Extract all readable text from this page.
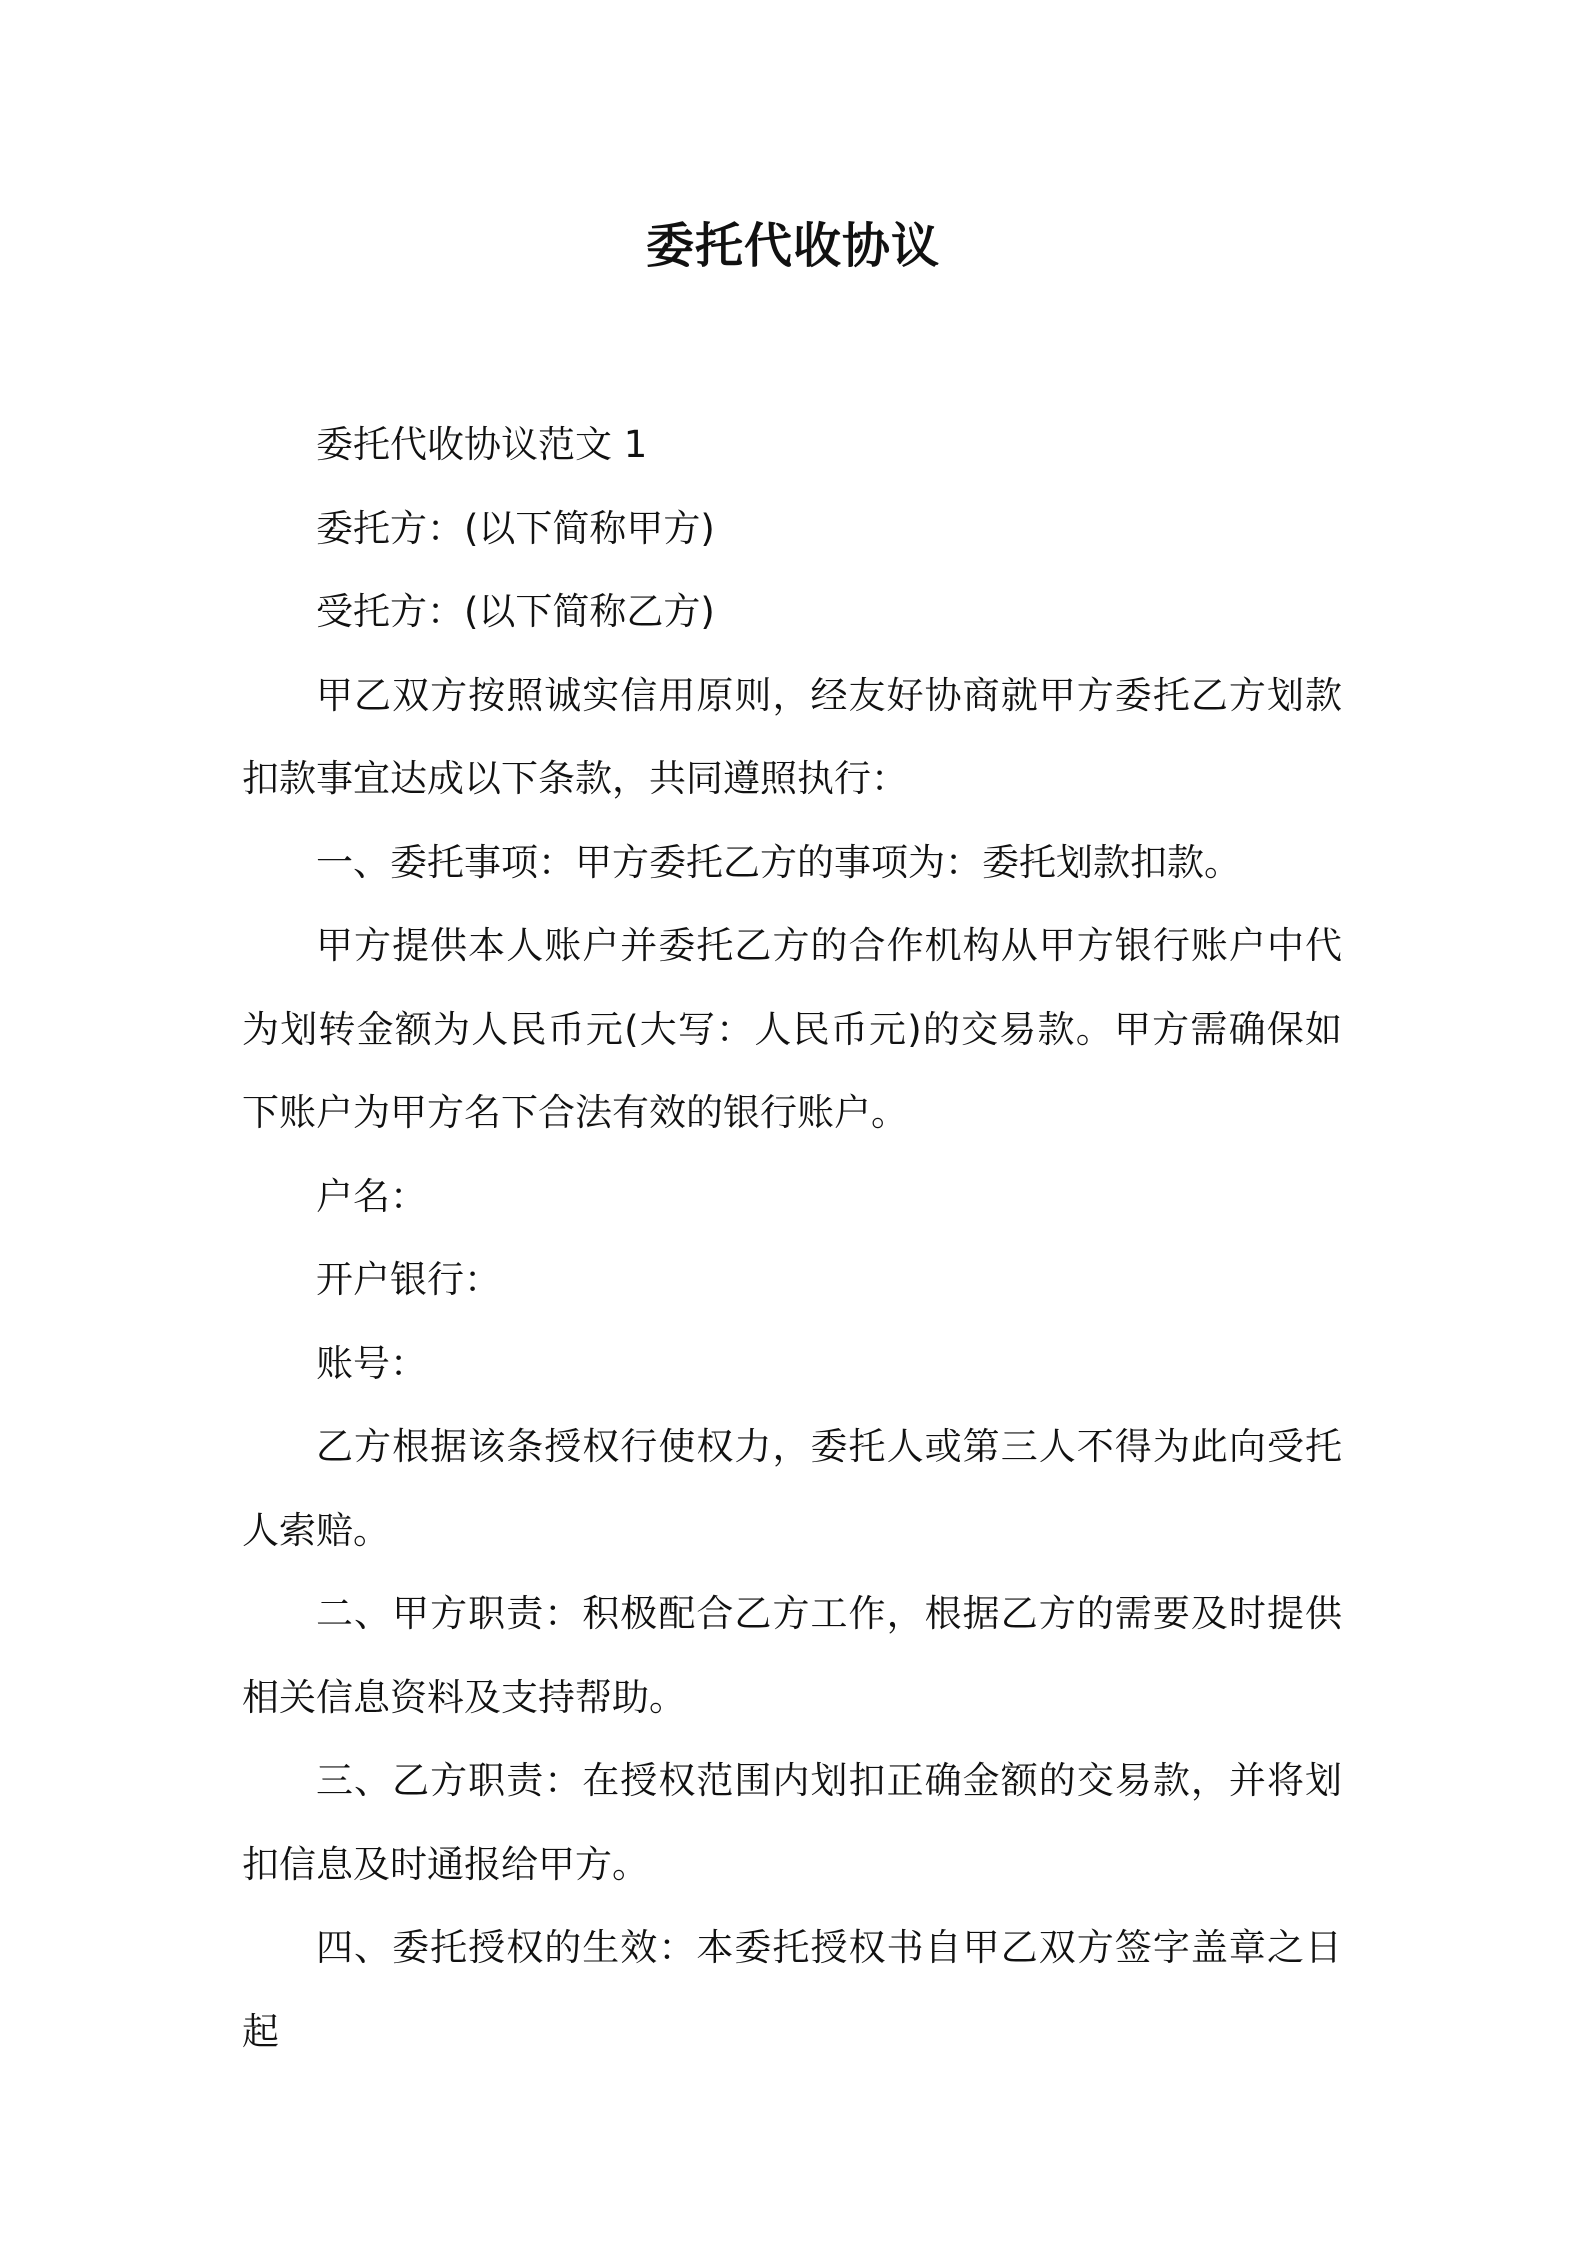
委托代收协议

委托代收协议范文 1

委托方：(以下简称甲方)

受托方：(以下简称乙方)

甲乙双方按照诚实信用原则，经友好协商就甲方委托乙方划款扣款事宜达成以下条款，共同遵照执行：

一、委托事项：甲方委托乙方的事项为：委托划款扣款。

甲方提供本人账户并委托乙方的合作机构从甲方银行账户中代为划转金额为人民币元(大写：人民币元)的交易款。甲方需确保如下账户为甲方名下合法有效的银行账户。

户名：

开户银行：

账号：

乙方根据该条授权行使权力，委托人或第三人不得为此向受托人索赔。

二、甲方职责：积极配合乙方工作，根据乙方的需要及时提供相关信息资料及支持帮助。

三、乙方职责：在授权范围内划扣正确金额的交易款，并将划扣信息及时通报给甲方。

四、委托授权的生效：本委托授权书自甲乙双方签字盖章之日起
